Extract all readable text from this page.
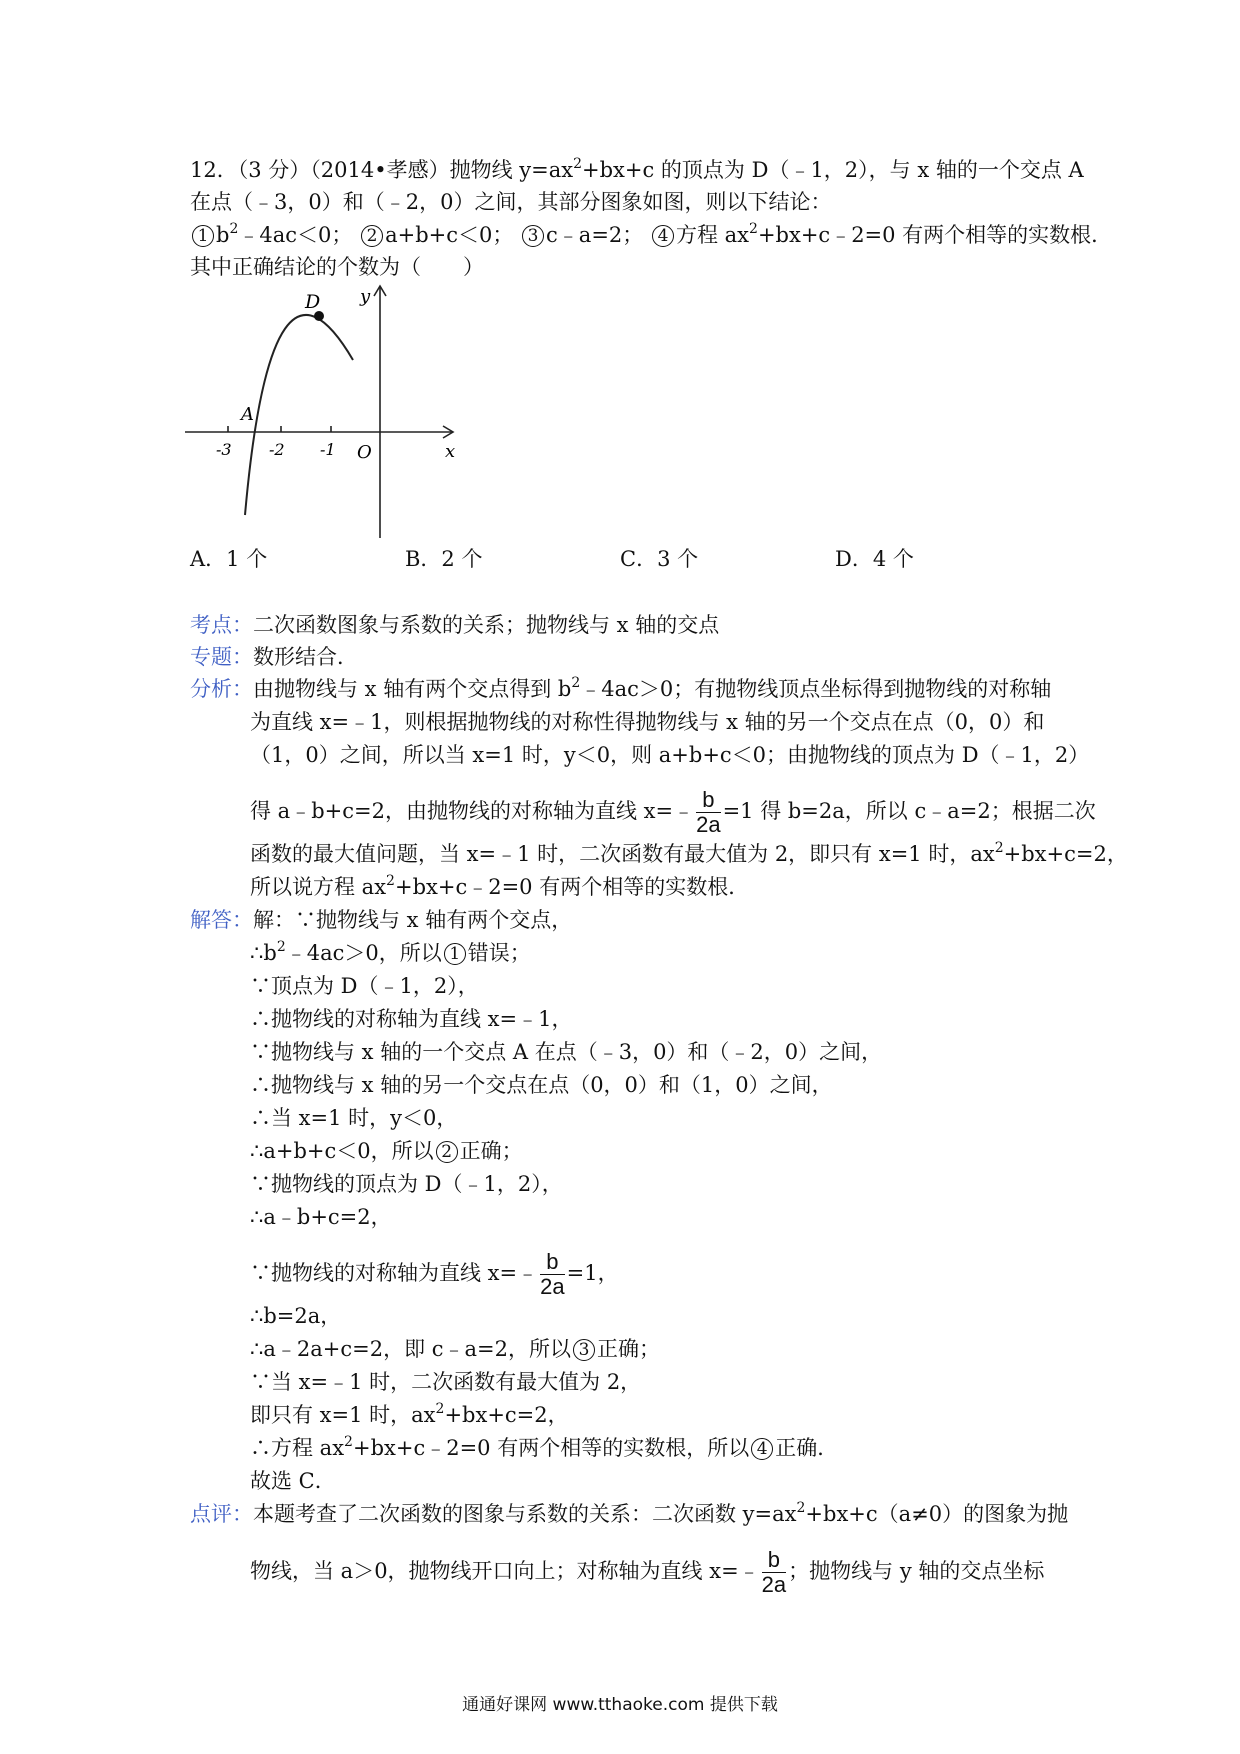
12．（3 分）（2014•孝感）抛物线 $y=ax^2+bx+c$ 的顶点为 D（﹣1，2），与 x 轴的一个交点 A
在点（﹣3，0）和（﹣2，0）之间，其部分图象如图，则以下结论：
1 $b^2﹣4ac<0$； 2 a+b+c＜0； 3 c﹣a=2； 4 方程 $ax^2+bx+c﹣2=0$ 有两个相等的实数根．
其中正确结论的个数为（　　）
D
A
y
x
O
-3 -2 -1
A．1 个	B．2 个	C．3 个	D．4 个
考点：二次函数图象与系数的关系；抛物线与 x 轴的交点
专题：数形结合．
分析：由抛物线与 x 轴有两个交点得到 $b^2﹣4ac>0$；有抛物线顶点坐标得到抛物线的对称轴
为直线 x=﹣1，则根据抛物线的对称性得抛物线与 x 轴的另一个交点在点（0，0）和
（1，0）之间，所以当 x=1 时，y＜0，则 a+b+c＜0；由抛物线的顶点为 D（﹣1，2）
得 a﹣b+c=2，由抛物线的对称轴为直线 x=﹣ $\frac{b}{2a} =1$ 得 b=2a，所以 c﹣a=2；根据二次
函数的最大值问题，当 x=﹣1 时，二次函数有最大值为 2，即只有 x=1 时，$ax^2+bx+c=2$，
所以说方程 $ax^2+bx+c﹣2=0$ 有两个相等的实数根．
解答：解：∵抛物线与 x 轴有两个交点，
$\therefore b^2﹣4ac>0$，所以 1 错误；
∵顶点为 D（﹣1，2），
∴抛物线的对称轴为直线 x=﹣1，
∵抛物线与 x 轴的一个交点 A 在点（﹣3，0）和（﹣2，0）之间，
∴抛物线与 x 轴的另一个交点在点（0，0）和（1，0）之间，
∴当 x=1 时，y＜0，
∴a+b+c＜0，所以 2 正确；
∵抛物线的顶点为 D（﹣1，2），
∴a﹣b+c=2，
∵抛物线的对称轴为直线 x=﹣ $\frac{b}{2a} =1$，
∴b=2a，
∴a﹣2a+c=2，即 c﹣a=2，所以 3 正确；
∵当 x=﹣1 时，二次函数有最大值为 2，
即只有 x=1 时，$ax^2+bx+c=2$，
∴方程 $ax^2+bx+c﹣2=0$ 有两个相等的实数根，所以 4 正确．
故选 C．
点评：本题考查了二次函数的图象与系数的关系：二次函数 $y=ax^2+bx+c(a\ne 0)$的图象为抛
物线，当 a＞0，抛物线开口向上；对称轴为直线 x=﹣ $\frac{b}{2a}$ ；抛物线与 y 轴的交点坐标
通通好课网 www.tthaoke.com 提供下载
